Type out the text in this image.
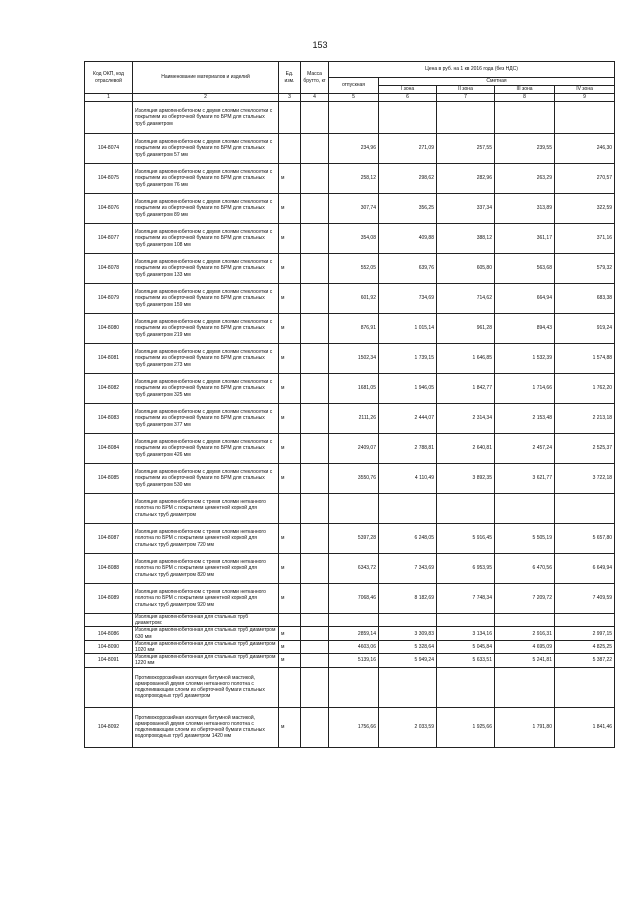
153
Код ОКП, код отраслевой	Наименование материалов и изделий	Ед. изм.	Масса брутто, кг	Цена в руб. на 1 кв 2016 года (без НДС)				
				отпускная	Сметная			
					I зона	II зона	III зона	IV зона
1	2	3	4	5	6	7	8	9
	Изоляция армопенобетоном с двумя слоями стеклосетки с покрытием из оберточной бумаги по БРМ для стальных труб диаметром							
104-8074	Изоляция армопенобетоном с двумя слоями стеклосетки с покрытием из оберточной бумаги по БРМ для стальных труб диаметром 57 мм			234,96	271,09	257,55	239,55	246,30
104-8075	Изоляция армопенобетоном с двумя слоями стеклосетки с покрытием из оберточной бумаги по БРМ для стальных труб диаметром 76 мм	м		258,12	298,62	282,96	263,29	270,57
104-8076	Изоляция армопенобетоном с двумя слоями стеклосетки с покрытием из оберточной бумаги по БРМ для стальных труб диаметром 89 мм	м		307,74	356,25	337,34	313,89	322,59
104-8077	Изоляция армопенобетоном с двумя слоями стеклосетки с покрытием из оберточной бумаги по БРМ для стальных труб диаметром 108 мм	м		354,08	409,88	388,12	361,17	371,16
104-8078	Изоляция армопенобетоном с двумя слоями стеклосетки с покрытием из оберточной бумаги по БРМ для стальных труб диаметром 133 мм	м		552,05	639,76	605,80	563,68	579,32
104-8079	Изоляция армопенобетоном с двумя слоями стеклосетки с покрытием из оберточной бумаги по БРМ для стальных труб диаметром 159 мм	м		601,92	734,69	714,62	664,94	683,38
104-8080	Изоляция армопенобетоном с двумя слоями стеклосетки с покрытием из оберточной бумаги по БРМ для стальных труб диаметром 219 мм	м		876,91	1 015,14	961,28	894,43	919,24
104-8081	Изоляция армопенобетоном с двумя слоями стеклосетки с покрытием из оберточной бумаги по БРМ для стальных труб диаметром 273 мм	м		1502,34	1 739,15	1 646,85	1 532,39	1 574,88
104-8082	Изоляция армопенобетоном с двумя слоями стеклосетки с покрытием из оберточной бумаги по БРМ для стальных труб диаметром 325 мм	м		1681,05	1 946,05	1 842,77	1 714,66	1 762,20
104-8083	Изоляция армопенобетоном с двумя слоями стеклосетки с покрытием из оберточной бумаги по БРМ для стальных труб диаметром 377 мм	м		2111,26	2 444,07	2 314,34	2 153,48	2 213,18
104-8084	Изоляция армопенобетоном с двумя слоями стеклосетки с покрытием из оберточной бумаги по БРМ для стальных труб диаметром 426 мм	м		2409,07	2 788,81	2 640,81	2 457,24	2 525,37
104-8085	Изоляция армопенобетоном с двумя слоями стеклосетки с покрытием из оберточной бумаги по БРМ для стальных труб диаметром 530 мм	м		3550,76	4 110,49	3 892,35	3 621,77	3 722,18
	Изоляция армопенобетоном с тремя слоями нетканного полотна по БРМ с покрытием цементной коркой для стальных труб диаметром							
104-8087	Изоляция армопенобетоном с тремя слоями нетканного полотна по БРМ с покрытием цементной коркой для стальных труб диаметром 720 мм	м		5397,28	6 248,05	5 916,45	5 505,19	5 657,80
104-8088	Изоляция армопенобетоном с тремя слоями нетканного полотна по БРМ с покрытием цементной коркой для стальных труб диаметром 820 мм	м		6343,72	7 343,69	6 953,95	6 470,56	6 649,94
104-8089	Изоляция армопенобетоном с тремя слоями нетканного полотна по БРМ с покрытием цементной коркой для стальных труб диаметром 920 мм	м		7068,46	8 182,69	7 748,34	7 209,72	7 409,59
	Изоляция армопенобетонная для стальных труб диаметром:							
104-8086	Изоляция армопенобетонная для стальных труб диаметром 630 мм	м		2859,14	3 309,83	3 134,16	2 916,31	2 997,15
104-8090	Изоляция армопенобетонная для стальных труб диаметром 1020 мм	м		4603,06	5 328,64	5 045,84	4 695,09	4 825,25
104-8091	Изоляция армопенобетонная для стальных труб диаметром 1220 мм	м		5139,16	5 949,24	5 633,51	5 241,81	5 387,22
	Противокоррозийная изоляция битумной мастикой, армированной двумя слоями нетканного полотна с подклеивающим слоем из оберточной бумаги стальных водопроводных труб диаметром							
104-8092	Противокоррозийная изоляция битумной мастикой, армированной двумя слоями нетканного полотна с подклеивающим слоем из оберточной бумаги стальных водопроводных труб диаметром 1420 мм	м		1756,66	2 033,59	1 925,66	1 791,80	1 841,46
